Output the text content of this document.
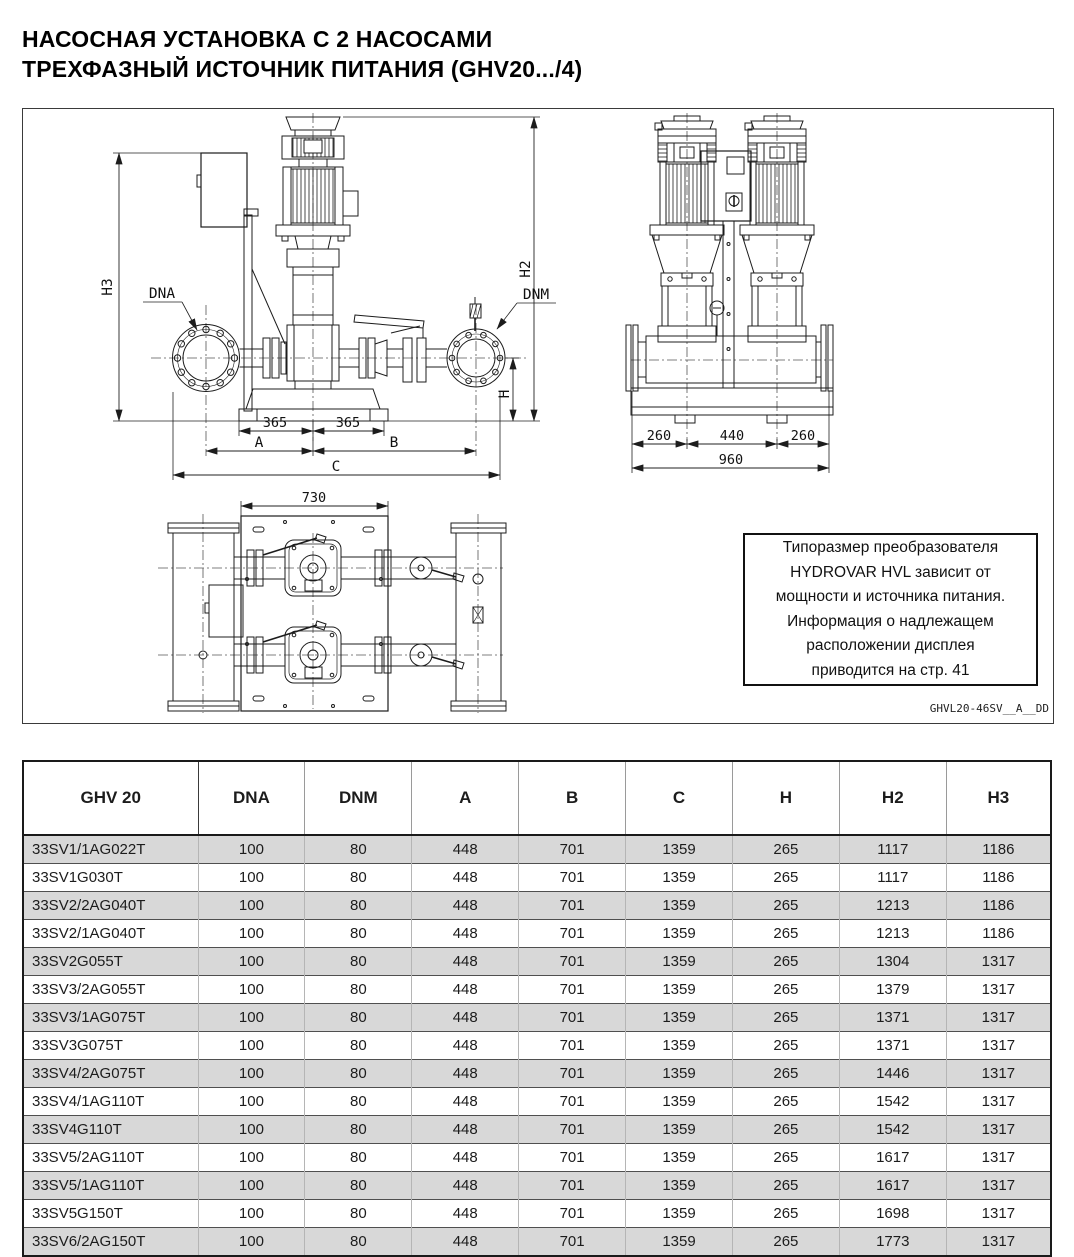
НАСОСНАЯ УСТАНОВКА С 2 НАСОСАМИ
ТРЕХФАЗНЫЙ ИСТОЧНИК ПИТАНИЯ (GHV20.../4)
H3
H2
H
365	365
A	B
C
DNA	DNM
730
260	440	260
960
Типоразмер преобразователя
HYDROVAR HVL зависит от
мощности и источника питания.
Информация о надлежащем
расположении дисплея
приводится на стр. 41
GHVL20-46SV__A__DD
GHV 20	DNA	DNM	A	B	C	H	H2	H3
33SV1/1AG022T	100	80	448	701	1359	265	1117	1186
33SV1G030T	100	80	448	701	1359	265	1117	1186
33SV2/2AG040T	100	80	448	701	1359	265	1213	1186
33SV2/1AG040T	100	80	448	701	1359	265	1213	1186
33SV2G055T	100	80	448	701	1359	265	1304	1317
33SV3/2AG055T	100	80	448	701	1359	265	1379	1317
33SV3/1AG075T	100	80	448	701	1359	265	1371	1317
33SV3G075T	100	80	448	701	1359	265	1371	1317
33SV4/2AG075T	100	80	448	701	1359	265	1446	1317
33SV4/1AG110T	100	80	448	701	1359	265	1542	1317
33SV4G110T	100	80	448	701	1359	265	1542	1317
33SV5/2AG110T	100	80	448	701	1359	265	1617	1317
33SV5/1AG110T	100	80	448	701	1359	265	1617	1317
33SV5G150T	100	80	448	701	1359	265	1698	1317
33SV6/2AG150T	100	80	448	701	1359	265	1773	1317
